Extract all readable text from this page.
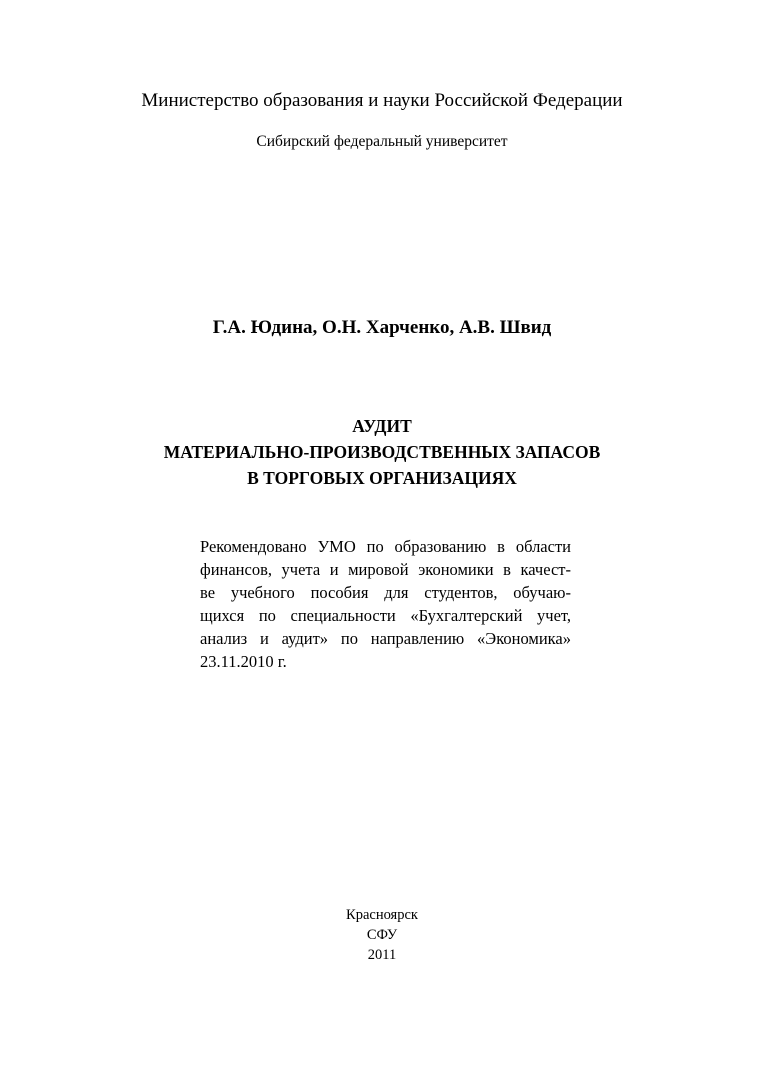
Министерство образования и науки Российской Федерации
Сибирский федеральный университет
Г.А. Юдина, О.Н. Харченко, А.В. Швид
АУДИТ
МАТЕРИАЛЬНО-ПРОИЗВОДСТВЕННЫХ ЗАПАСОВ
В ТОРГОВЫХ ОРГАНИЗАЦИЯХ
Рекомендовано УМО по образованию в области
финансов, учета и мировой экономики в качест-
ве учебного пособия для студентов, обучаю-
щихся по специальности «Бухгалтерский учет,
анализ и аудит» по направлению «Экономика»
23.11.2010 г.
Красноярск
СФУ
2011
